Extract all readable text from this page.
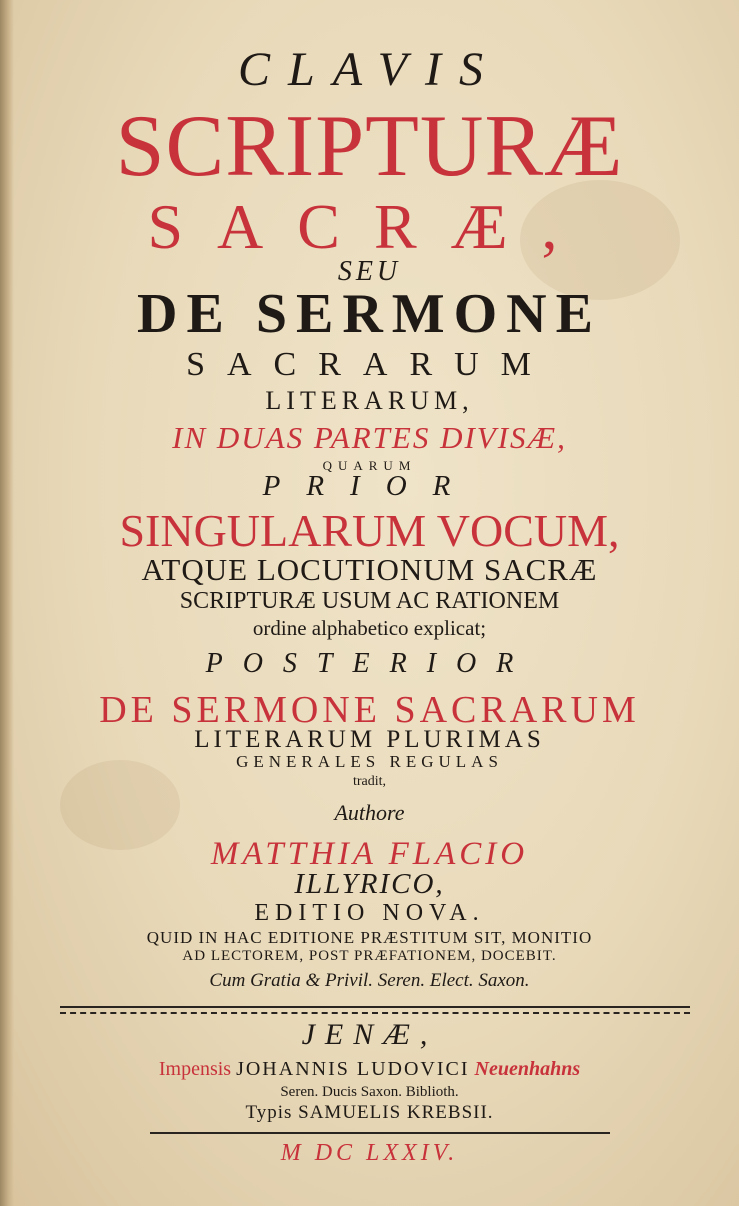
CLAVIS
SCRIPTURÆ
SACRÆ,
SEU
DE SERMONE
SACRARUM
LITERARUM,
IN DUAS PARTES DIVISÆ,
QUARUM
PRIOR
SINGULARUM VOCUM,
ATQUE LOCUTIONUM SACRÆ
SCRIPTURÆ USUM AC RATIONEM
ordine alphabetico explicat;
POSTERIOR
DE SERMONE SACRARUM
LITERARUM PLURIMAS
GENERALES REGULAS
tradit,
Authore
MATTHIA FLACIO
ILLYRICO,
EDITIO NOVA.
QUID IN HAC EDITIONE PRÆSTITUM SIT, MONITIO
AD LECTOREM, POST PRÆFATIONEM, DOCEBIT.
Cum Gratia & Privil. Seren. Elect. Saxon.
JENÆ,
Impensis JOHANNIS LUDOVICI Neuenhahns
Seren. Ducis Saxon. Biblioth.
Typis SAMUELIS KREBSII.
M DC LXXIV.
